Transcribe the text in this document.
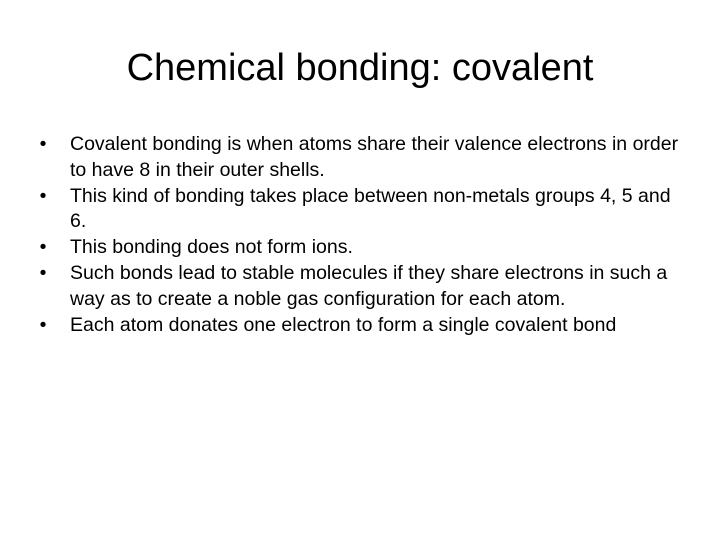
Chemical bonding: covalent
• Covalent bonding is when atoms share their valence electrons in order to have 8 in their outer shells.
• This kind of bonding takes place between non-metals groups 4, 5 and 6.
• This bonding does not form ions.
• Such bonds lead to stable molecules if they share electrons in such a way as to create a noble gas configuration for each atom.
• Each atom donates one electron to form a single covalent bond
